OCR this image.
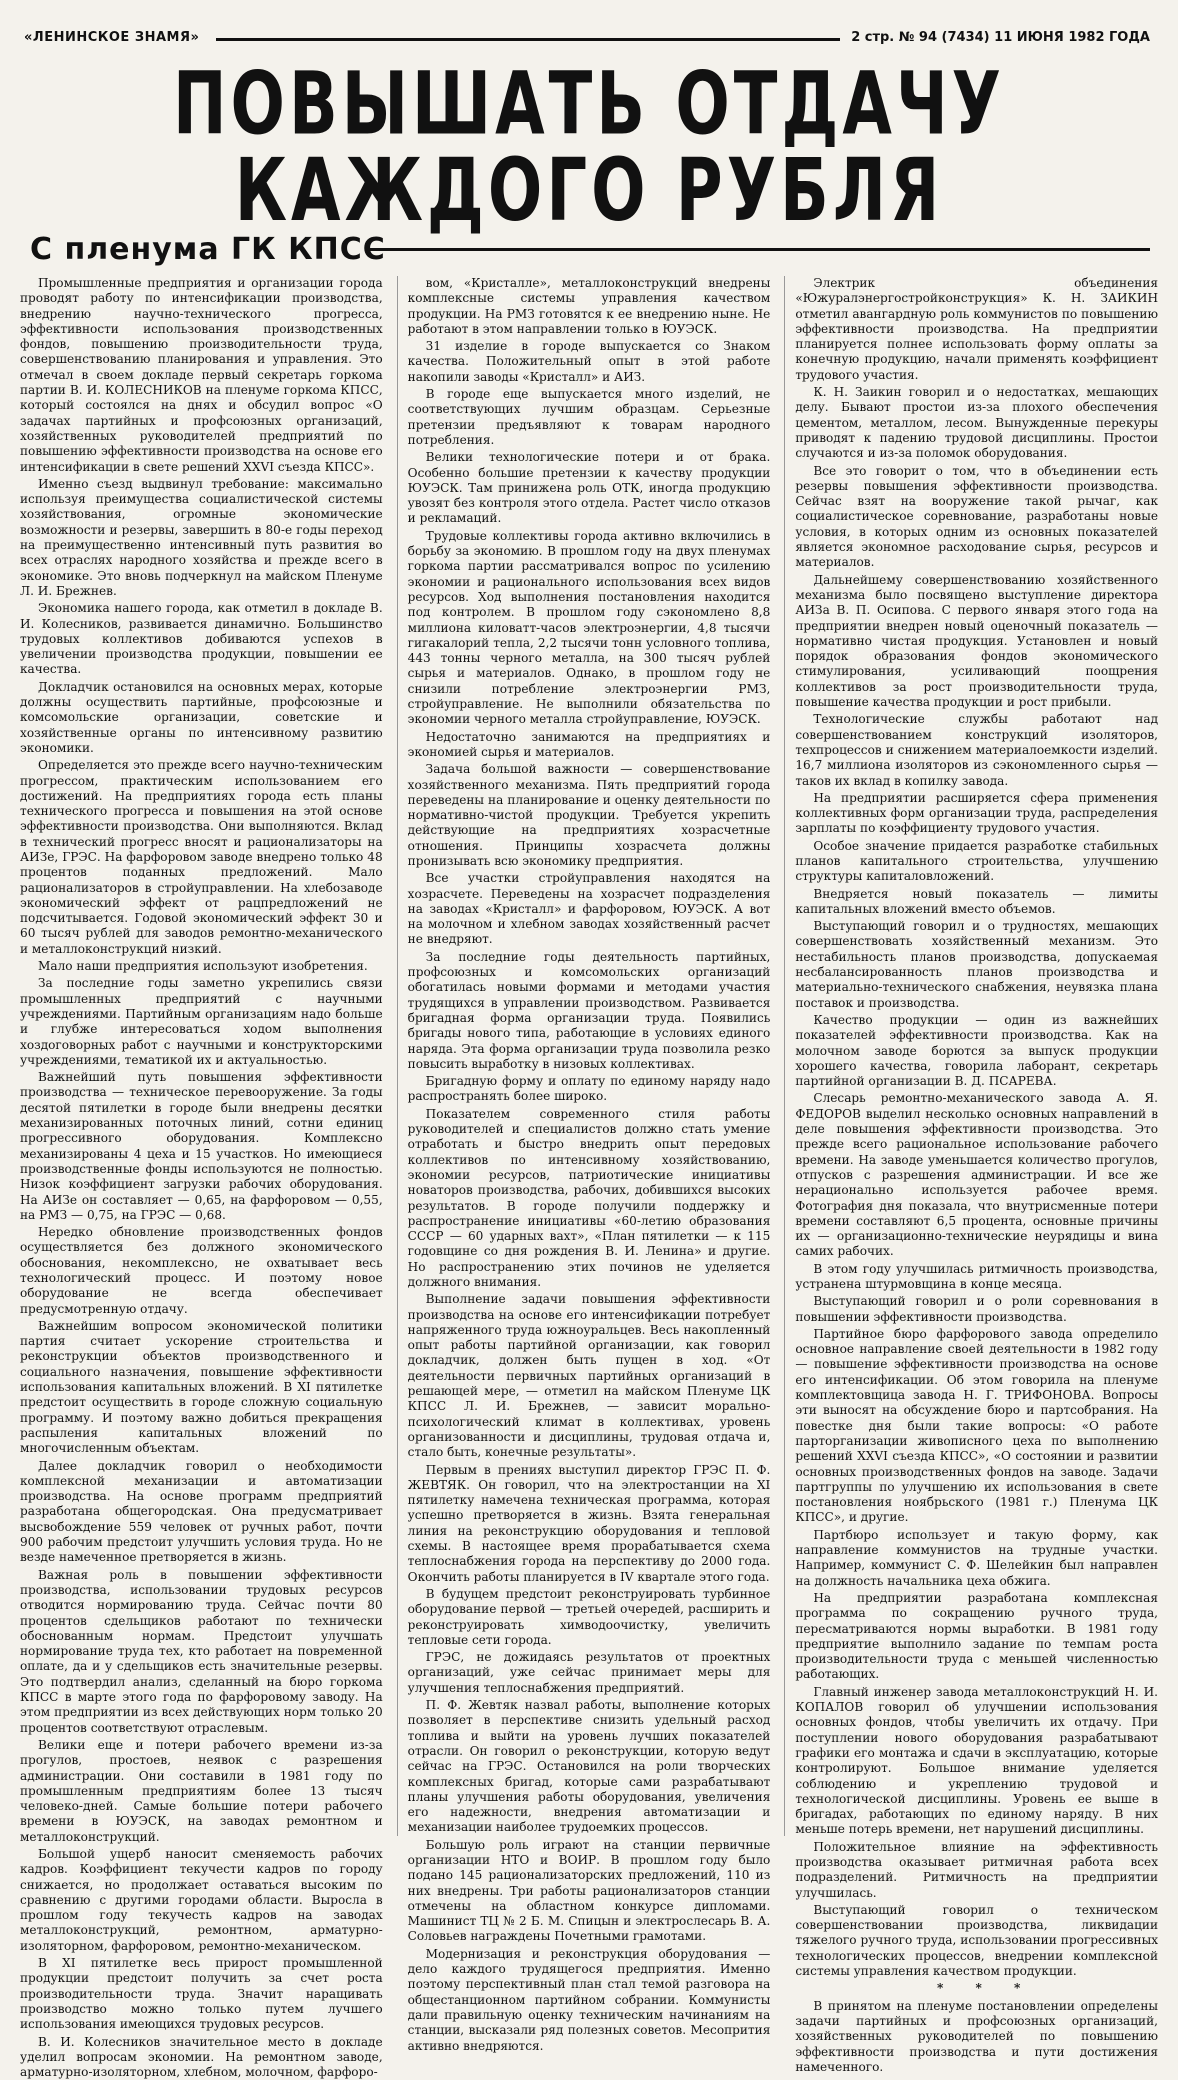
«ЛЕНИНСКОЕ ЗНАМЯ»	2 стр. № 94 (7434) 11 ИЮНЯ 1982 ГОДА
ПОВЫШАТЬ ОТДАЧУ КАЖДОГО РУБЛЯ
С пленума ГК КПСС

Промышленные предприятия и организации города проводят работу по интенсификации производства, внедрению научно-технического прогресса, эффективности использования производственных фондов, повышению производительности труда, совершенствованию планирования и управления. Это отмечал в своем докладе первый секретарь горкома партии В. И. КОЛЕСНИКОВ на пленуме горкома КПСС, который состоялся на днях и обсудил вопрос «О задачах партийных и профсоюзных организаций, хозяйственных руководителей предприятий по повышению эффективности производства на основе его интенсификации в свете решений XXVI съезда КПСС».

Именно съезд выдвинул требование: максимально используя преимущества социалистической системы хозяйствования, огромные экономические возможности и резервы, завершить в 80-е годы переход на преимущественно интенсивный путь развития во всех отраслях народного хозяйства и прежде всего в экономике. Это вновь подчеркнул на майском Пленуме Л. И. Брежнев.

Экономика нашего города, как отметил в докладе В. И. Колесников, развивается динамично. Большинство трудовых коллективов добиваются успехов в увеличении производства продукции, повышении ее качества.

Докладчик остановился на основных мерах, которые должны осуществить партийные, профсоюзные и комсомольские организации, советские и хозяйственные органы по интенсивному развитию экономики.

Определяется это прежде всего научно-техническим прогрессом, практическим использованием его достижений. На предприятиях города есть планы технического прогресса и повышения на этой основе эффективности производства. Они выполняются. Вклад в технический прогресс вносят и рационализаторы на АИЗе, ГРЭС. На фарфоровом заводе внедрено только 48 процентов поданных предложений. Мало рационализаторов в стройуправлении. На хлебозаводе экономический эффект от рацпредложений не подсчитывается. Годовой экономический эффект 30 и 60 тысяч рублей для заводов ремонтно-механического и металлоконструкций низкий.

Мало наши предприятия используют изобретения.

За последние годы заметно укрепились связи промышленных предприятий с научными учреждениями. Партийным организациям надо больше и глубже интересоваться ходом выполнения хоздоговорных работ с научными и конструкторскими учреждениями, тематикой их и актуальностью.

Важнейший путь повышения эффективности производства — техническое перевооружение. За годы десятой пятилетки в городе были внедрены десятки механизированных поточных линий, сотни единиц прогрессивного оборудования. Комплексно механизированы 4 цеха и 15 участков. Но имеющиеся производственные фонды используются не полностью. Низок коэффициент загрузки рабочих оборудования. На АИЗе он составляет — 0,65, на фарфоровом — 0,55, на РМЗ — 0,75, на ГРЭС — 0,68.

Нередко обновление производственных фондов осуществляется без должного экономического обоснования, некомплексно, не охватывает весь технологический процесс. И поэтому новое оборудование не всегда обеспечивает предусмотренную отдачу.

Важнейшим вопросом экономической политики партия считает ускорение строительства и реконструкции объектов производственного и социального назначения, повышение эффективности использования капитальных вложений. В XI пятилетке предстоит осуществить в городе сложную социальную программу. И поэтому важно добиться прекращения распыления капитальных вложений по многочисленным объектам.

Далее докладчик говорил о необходимости комплексной механизации и автоматизации производства. На основе программ предприятий разработана общегородская. Она предусматривает высвобождение 559 человек от ручных работ, почти 900 рабочим предстоит улучшить условия труда. Но не везде намеченное претворяется в жизнь.

Важная роль в повышении эффективности производства, использовании трудовых ресурсов отводится нормированию труда. Сейчас почти 80 процентов сдельщиков работают по технически обоснованным нормам. Предстоит улучшать нормирование труда тех, кто работает на повременной оплате, да и у сдельщиков есть значительные резервы. Это подтвердил анализ, сделанный на бюро горкома КПСС в марте этого года по фарфоровому заводу. На этом предприятии из всех действующих норм только 20 процентов соответствуют отраслевым.

Велики еще и потери рабочего времени из-за прогулов, простоев, неявок с разрешения администрации. Они составили в 1981 году по промышленным предприятиям более 13 тысяч человеко-дней. Самые большие потери рабочего времени в ЮУЭСК, на заводах ремонтном и металлоконструкций.

Большой ущерб наносит сменяемость рабочих кадров. Коэффициент текучести кадров по городу снижается, но продолжает оставаться высоким по сравнению с другими городами области. Выросла в прошлом году текучесть кадров на заводах металлоконструкций, ремонтном, арматурно-изоляторном, фарфоровом, ремонтно-механическом.

В XI пятилетке весь прирост промышленной продукции предстоит получить за счет роста производительности труда. Значит наращивать производство можно только путем лучшего использования имеющихся трудовых ресурсов.

В. И. Колесников значительное место в докладе уделил вопросам экономии. На ремонтном заводе, арматурно-изоляторном, хлебном, молочном, фарфоро-

вом, «Кристалле», металлоконструкций внедрены комплексные системы управления качеством продукции. На РМЗ готовятся к ее внедрению ныне. Не работают в этом направлении только в ЮУЭСК.

31 изделие в городе выпускается со Знаком качества. Положительный опыт в этой работе накопили заводы «Кристалл» и АИЗ.

В городе еще выпускается много изделий, не соответствующих лучшим образцам. Серьезные претензии предъявляют к товарам народного потребления.

Велики технологические потери и от брака. Особенно большие претензии к качеству продукции ЮУЭСК. Там принижена роль ОТК, иногда продукцию увозят без контроля этого отдела. Растет число отказов и рекламаций.

Трудовые коллективы города активно включились в борьбу за экономию. В прошлом году на двух пленумах горкома партии рассматривался вопрос по усилению экономии и рационального использования всех видов ресурсов. Ход выполнения постановления находится под контролем. В прошлом году сэкономлено 8,8 миллиона киловатт-часов электроэнергии, 4,8 тысячи гигакалорий тепла, 2,2 тысячи тонн условного топлива, 443 тонны черного металла, на 300 тысяч рублей сырья и материалов. Однако, в прошлом году не снизили потребление электроэнергии РМЗ, стройуправление. Не выполнили обязательства по экономии черного металла стройуправление, ЮУЭСК.

Недостаточно занимаются на предприятиях и экономией сырья и материалов.

Задача большой важности — совершенствование хозяйственного механизма. Пять предприятий города переведены на планирование и оценку деятельности по нормативно-чистой продукции. Требуется укрепить действующие на предприятиях хозрасчетные отношения. Принципы хозрасчета должны пронизывать всю экономику предприятия.

Все участки стройуправления находятся на хозрасчете. Переведены на хозрасчет подразделения на заводах «Кристалл» и фарфоровом, ЮУЭСК. А вот на молочном и хлебном заводах хозяйственный расчет не внедряют.

За последние годы деятельность партийных, профсоюзных и комсомольских организаций обогатилась новыми формами и методами участия трудящихся в управлении производством. Развивается бригадная форма организации труда. Появились бригады нового типа, работающие в условиях единого наряда. Эта форма организации труда позволила резко повысить выработку в низовых коллективах.

Бригадную форму и оплату по единому наряду надо распространять более широко.

Показателем современного стиля работы руководителей и специалистов должно стать умение отработать и быстро внедрить опыт передовых коллективов по интенсивному хозяйствованию, экономии ресурсов, патриотические инициативы новаторов производства, рабочих, добившихся высоких результатов. В городе получили поддержку и распространение инициативы «60-летию образования СССР — 60 ударных вахт», «План пятилетки — к 115 годовщине со дня рождения В. И. Ленина» и другие. Но распространению этих починов не уделяется должного внимания.

Выполнение задачи повышения эффективности производства на основе его интенсификации потребует напряженного труда южноуральцев. Весь накопленный опыт работы партийной организации, как говорил докладчик, должен быть пущен в ход. «От деятельности первичных партийных организаций в решающей мере, — отметил на майском Пленуме ЦК КПСС Л. И. Брежнев, — зависит морально-психологический климат в коллективах, уровень организованности и дисциплины, трудовая отдача и, стало быть, конечные результаты».

Первым в прениях выступил директор ГРЭС П. Ф. ЖЕВТЯК. Он говорил, что на электростанции на XI пятилетку намечена техническая программа, которая успешно претворяется в жизнь. Взята генеральная линия на реконструкцию оборудования и тепловой схемы. В настоящее время прорабатывается схема теплоснабжения города на перспективу до 2000 года. Окончить работы планируется в IV квартале этого года.

В будущем предстоит реконструировать турбинное оборудование первой — третьей очередей, расширить и реконструировать химводоочистку, увеличить тепловые сети города.

ГРЭС, не дожидаясь результатов от проектных организаций, уже сейчас принимает меры для улучшения теплоснабжения предприятий.

П. Ф. Жевтяк назвал работы, выполнение которых позволяет в перспективе снизить удельный расход топлива и выйти на уровень лучших показателей отрасли. Он говорил о реконструкции, которую ведут сейчас на ГРЭС. Остановился на роли творческих комплексных бригад, которые сами разрабатывают планы улучшения работы оборудования, увеличения его надежности, внедрения автоматизации и механизации наиболее трудоемких процессов.

Большую роль играют на станции первичные организации НТО и ВОИР. В прошлом году было подано 145 рационализаторских предложений, 110 из них внедрены. Три работы рационализаторов станции отмечены на областном конкурсе дипломами. Машинист ТЦ № 2 Б. М. Спицын и электрослесарь В. А. Соловьев награждены Почетными грамотами.

Модернизация и реконструкция оборудования — дело каждого трудящегося предприятия. Именно поэтому перспективный план стал темой разговора на общестанционном партийном собрании. Коммунисты дали правильную оценку техническим начинаниям на станции, высказали ряд полезных советов. Месопрития активно внедряются.

Электрик объединения «Южуралэнергостройконструкция» К. Н. ЗАИКИН отметил авангардную роль коммунистов по повышению эффективности производства. На предприятии планируется полнее использовать форму оплаты за конечную продукцию, начали применять коэффициент трудового участия.

К. Н. Заикин говорил и о недостатках, мешающих делу. Бывают простои из-за плохого обеспечения цементом, металлом, лесом. Вынужденные перекуры приводят к падению трудовой дисциплины. Простои случаются и из-за поломок оборудования.

Все это говорит о том, что в объединении есть резервы повышения эффективности производства. Сейчас взят на вооружение такой рычаг, как социалистическое соревнование, разработаны новые условия, в которых одним из основных показателей является экономное расходование сырья, ресурсов и материалов.

Дальнейшему совершенствованию хозяйственного механизма было посвящено выступление директора АИЗа В. П. Осипова. С первого января этого года на предприятии внедрен новый оценочный показатель — нормативно чистая продукция. Установлен и новый порядок образования фондов экономического стимулирования, усиливающий поощрения коллективов за рост производительности труда, повышение качества продукции и рост прибыли.

Технологические службы работают над совершенствованием конструкций изоляторов, техпроцессов и снижением материалоемкости изделий. 16,7 миллиона изоляторов из сэкономленного сырья — таков их вклад в копилку завода.

На предприятии расширяется сфера применения коллективных форм организации труда, распределения зарплаты по коэффициенту трудового участия.

Особое значение придается разработке стабильных планов капитального строительства, улучшению структуры капиталовложений.

Внедряется новый показатель — лимиты капитальных вложений вместо объемов.

Выступающий говорил и о трудностях, мешающих совершенствовать хозяйственный механизм. Это нестабильность планов производства, допускаемая несбалансированность планов производства и материально-технического снабжения, неувязка плана поставок и производства.

Качество продукции — один из важнейших показателей эффективности производства. Как на молочном заводе борются за выпуск продукции хорошего качества, говорила лаборант, секретарь партийной организации В. Д. ПСАРЕВА.

Слесарь ремонтно-механического завода А. Я. ФЕДОРОВ выделил несколько основных направлений в деле повышения эффективности производства. Это прежде всего рациональное использование рабочего времени. На заводе уменьшается количество прогулов, отпусков с разрешения администрации. И все же нерационально используется рабочее время. Фотография дня показала, что внутрисменные потери времени составляют 6,5 процента, основные причины их — организационно-технические неурядицы и вина самих рабочих.

В этом году улучшилась ритмичность производства, устранена штурмовщина в конце месяца.

Выступающий говорил и о роли соревнования в повышении эффективности производства.

Партийное бюро фарфорового завода определило основное направление своей деятельности в 1982 году — повышение эффективности производства на основе его интенсификации. Об этом говорила на пленуме комплектовщица завода Н. Г. ТРИФОНОВА. Вопросы эти выносят на обсуждение бюро и партсобрания. На повестке дня были такие вопросы: «О работе парторганизации живописного цеха по выполнению решений XXVI съезда КПСС», «О состоянии и развитии основных производственных фондов на заводе. Задачи партгруппы по улучшению их использования в свете постановления ноябрьского (1981 г.) Пленума ЦК КПСС», и другие.

Партбюро использует и такую форму, как направление коммунистов на трудные участки. Например, коммунист С. Ф. Шелейкин был направлен на должность начальника цеха обжига.

На предприятии разработана комплексная программа по сокращению ручного труда, пересматриваются нормы выработки. В 1981 году предприятие выполнило задание по темпам роста производительности труда с меньшей численностью работающих.

Главный инженер завода металлоконструкций Н. И. КОПАЛОВ говорил об улучшении использования основных фондов, чтобы увеличить их отдачу. При поступлении нового оборудования разрабатывают графики его монтажа и сдачи в эксплуатацию, которые контролируют. Большое внимание уделяется соблюдению и укреплению трудовой и технологической дисциплины. Уровень ее выше в бригадах, работающих по единому наряду. В них меньше потерь времени, нет нарушений дисциплины.

Положительное влияние на эффективность производства оказывает ритмичная работа всех подразделений. Ритмичность на предприятии улучшилась.

Выступающий говорил о техническом совершенствовании производства, ликвидации тяжелого ручного труда, использовании прогрессивных технологических процессов, внедрении комплексной системы управления качеством продукции.

* * *

В принятом на пленуме постановлении определены задачи партийных и профсоюзных организаций, хозяйственных руководителей по повышению эффективности производства и пути достижения намеченного.
